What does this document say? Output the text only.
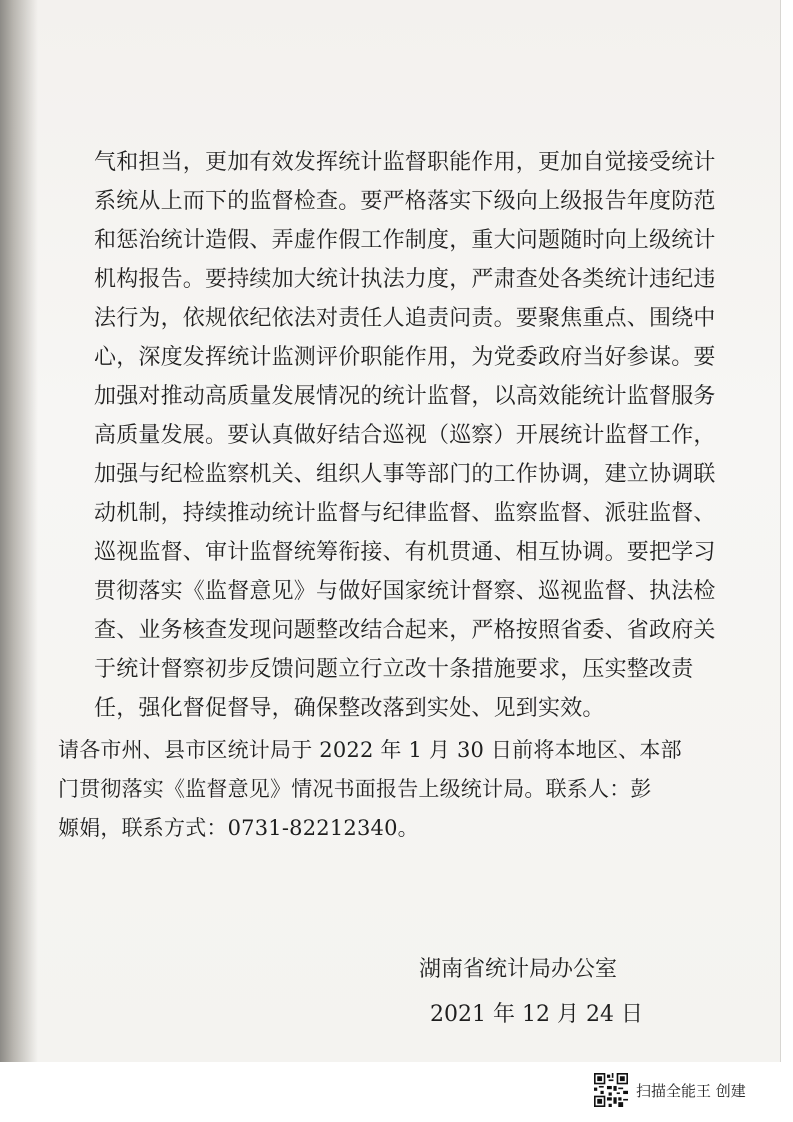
气和担当，更加有效发挥统计监督职能作用，更加自觉接受统计

系统从上而下的监督检查。要严格落实下级向上级报告年度防范

和惩治统计造假、弄虚作假工作制度，重大问题随时向上级统计

机构报告。要持续加大统计执法力度，严肃查处各类统计违纪违

法行为，依规依纪依法对责任人追责问责。要聚焦重点、围绕中

心，深度发挥统计监测评价职能作用，为党委政府当好参谋。要

加强对推动高质量发展情况的统计监督，以高效能统计监督服务

高质量发展。要认真做好结合巡视（巡察）开展统计监督工作，

加强与纪检监察机关、组织人事等部门的工作协调，建立协调联

动机制，持续推动统计监督与纪律监督、监察监督、派驻监督、

巡视监督、审计监督统筹衔接、有机贯通、相互协调。要把学习

贯彻落实《监督意见》与做好国家统计督察、巡视监督、执法检

查、业务核查发现问题整改结合起来，严格按照省委、省政府关

于统计督察初步反馈问题立行立改十条措施要求，压实整改责

任，强化督促督导，确保整改落到实处、见到实效。

请各市州、县市区统计局于 2022 年 1 月 30 日前将本地区、本部

门贯彻落实《监督意见》情况书面报告上级统计局。联系人：彭

嫄娟，联系方式：0731-82212340。

湖南省统计局办公室

2021 年 12 月 24 日

扫描全能王 创建
